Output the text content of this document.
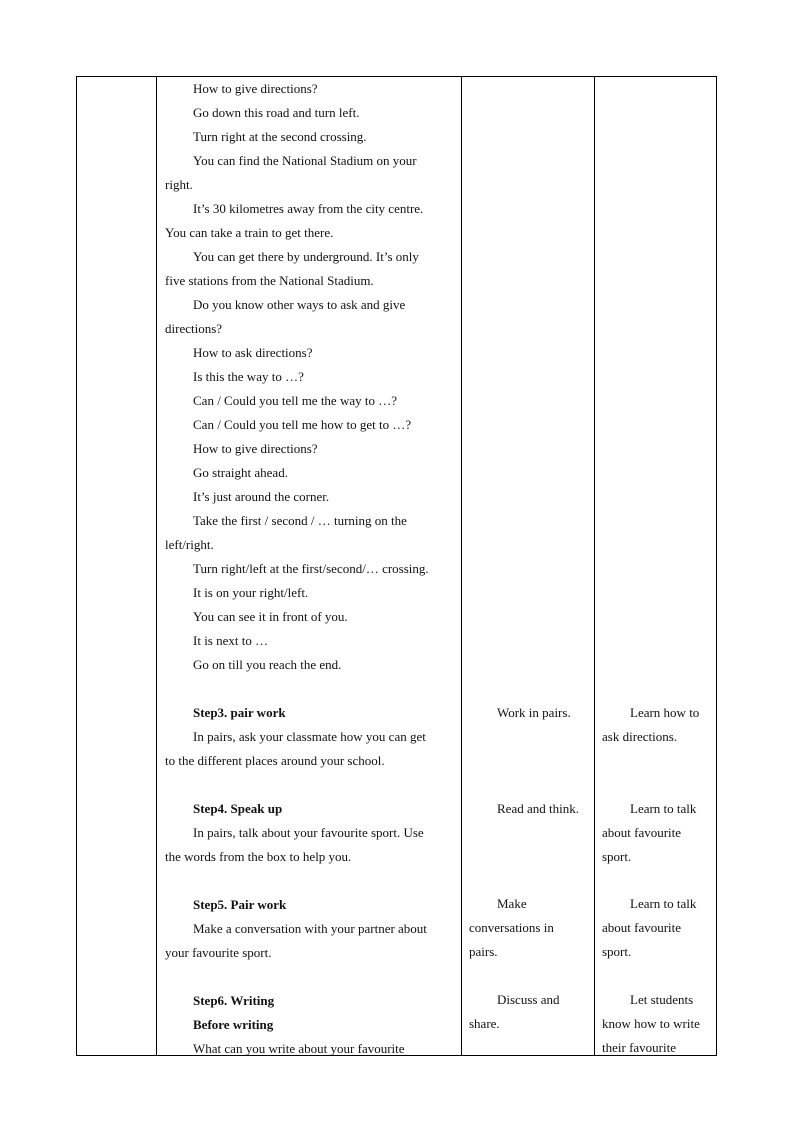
How to give directions?
Go down this road and turn left.
Turn right at the second crossing.
You can find the National Stadium on your
right.
It’s 30 kilometres away from the city centre.
You can take a train to get there.
You can get there by underground. It’s only
five stations from the National Stadium.
Do you know other ways to ask and give
directions?
How to ask directions?
Is this the way to …?
Can / Could you tell me the way to …?
Can / Could you tell me how to get to …?
How to give directions?
Go straight ahead.
It’s just around the corner.
Take the first / second / … turning on the
left/right.
Turn right/left at the first/second/… crossing.
It is on your right/left.
You can see it in front of you.
It is next to …
Go on till you reach the end.
Step3. pair work
In pairs, ask your classmate how you can get
to the different places around your school.
Step4. Speak up
In pairs, talk about your favourite sport. Use
the words from the box to help you.
Step5. Pair work
Make a conversation with your partner about
your favourite sport.
Step6. Writing
Before writing
What can you write about your favourite
Work in pairs.
Read and think.
Make
conversations in
pairs.
Discuss and
share.
Learn how to
ask directions.
Learn to talk
about favourite
sport.
Learn to talk
about favourite
sport.
Let students
know how to write
their favourite
